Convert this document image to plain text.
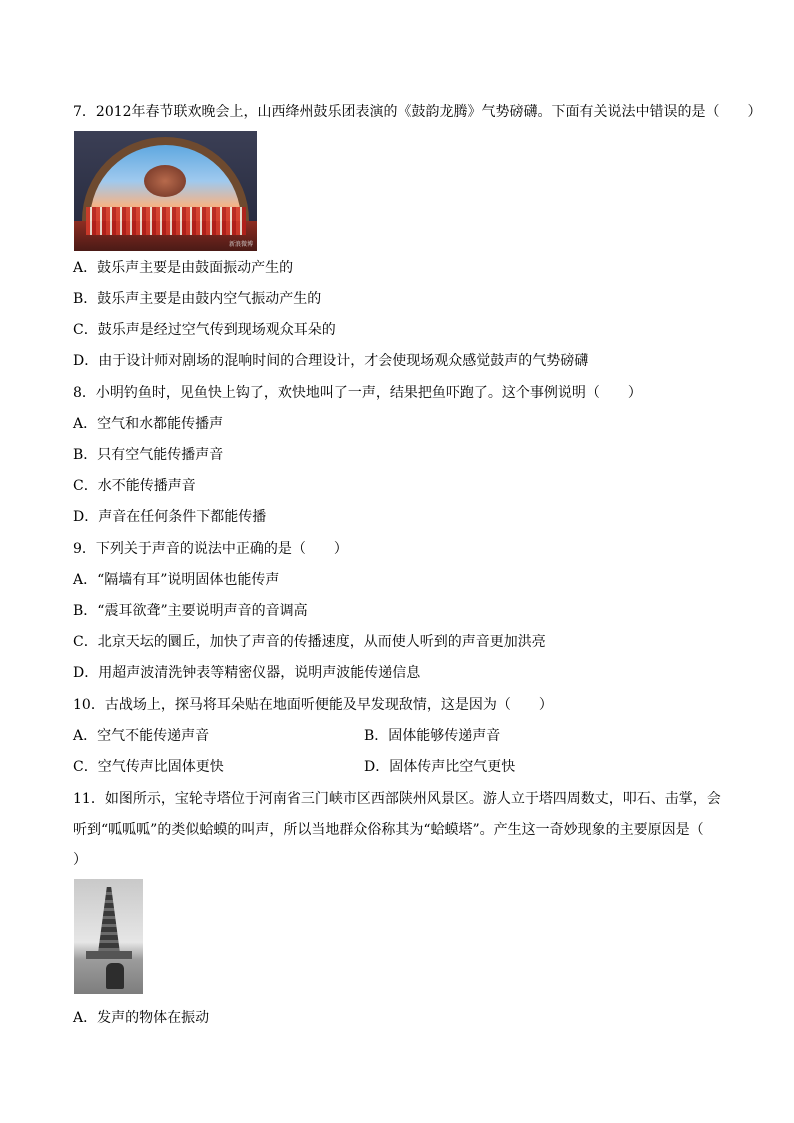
7．2012年春节联欢晚会上，山西绛州鼓乐团表演的《鼓韵龙腾》气势磅礴。下面有关说法中错误的是（　　）
新浪微博
A．鼓乐声主要是由鼓面振动产生的
B．鼓乐声主要是由鼓内空气振动产生的
C．鼓乐声是经过空气传到现场观众耳朵的
D．由于设计师对剧场的混响时间的合理设计，才会使现场观众感觉鼓声的气势磅礴
8．小明钓鱼时，见鱼快上钩了，欢快地叫了一声，结果把鱼吓跑了。这个事例说明（　　）
A．空气和水都能传播声
B．只有空气能传播声音
C．水不能传播声音
D．声音在任何条件下都能传播
9．下列关于声音的说法中正确的是（　　）
A．“隔墙有耳”说明固体也能传声
B．“震耳欲聋”主要说明声音的音调高
C．北京天坛的圜丘，加快了声音的传播速度，从而使人听到的声音更加洪亮
D．用超声波清洗钟表等精密仪器，说明声波能传递信息
10．古战场上，探马将耳朵贴在地面听便能及早发现敌情，这是因为（　　）
A．空气不能传递声音	B．固体能够传递声音
C．空气传声比固体更快	D．固体传声比空气更快
11．如图所示，宝轮寺塔位于河南省三门峡市区西部陕州风景区。游人立于塔四周数丈，叩石、击掌，会
听到“呱呱呱”的类似蛤蟆的叫声，所以当地群众俗称其为“蛤蟆塔”。产生这一奇妙现象的主要原因是（
）
A．发声的物体在振动
